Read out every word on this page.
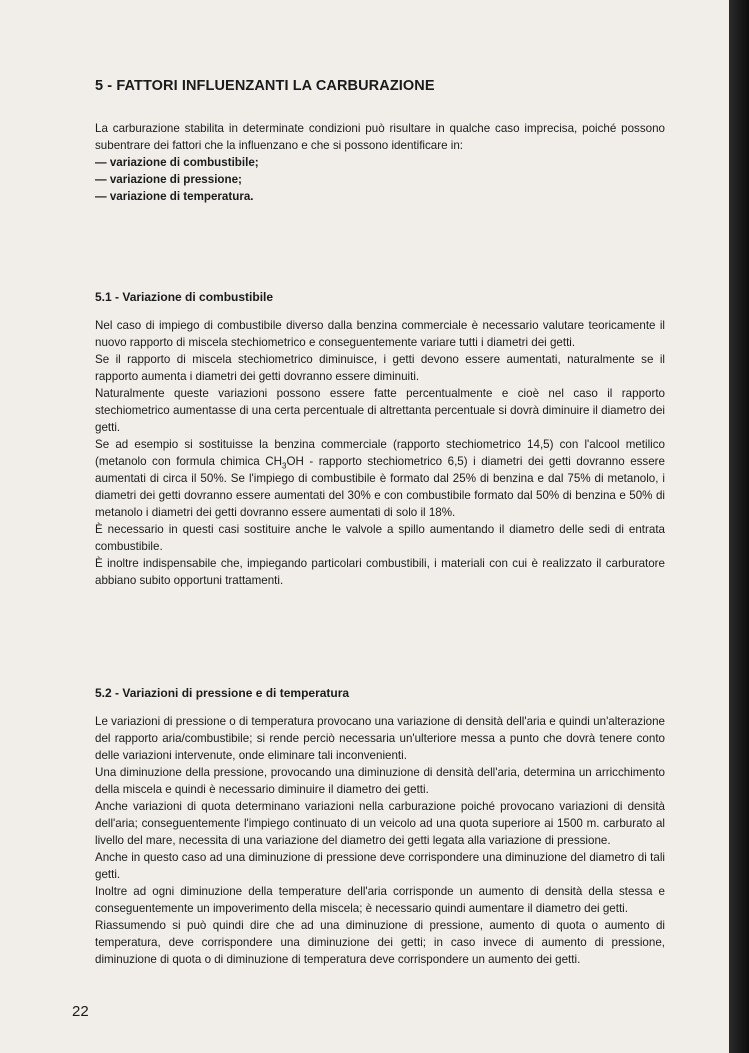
5 - FATTORI INFLUENZANTI LA CARBURAZIONE

La carburazione stabilita in determinate condizioni può risultare in qualche caso imprecisa, poiché possono subentrare dei fattori che la influenzano e che si possono identificare in:

— variazione di combustibile;
— variazione di pressione;
— variazione di temperatura.
5.1 - Variazione di combustibile

Nel caso di impiego di combustibile diverso dalla benzina commerciale è necessario valutare teoricamente il nuovo rapporto di miscela stechiometrico e conseguentemente variare tutti i diametri dei getti.

Se il rapporto di miscela stechiometrico diminuisce, i getti devono essere aumentati, naturalmente se il rapporto aumenta i diametri dei getti dovranno essere diminuiti.

Naturalmente queste variazioni possono essere fatte percentualmente e cioè nel caso il rapporto stechiometrico aumentasse di una certa percentuale di altrettanta percentuale si dovrà diminuire il diametro dei getti.

Se ad esempio si sostituisse la benzina commerciale (rapporto stechiometrico 14,5) con l'alcool metilico (metanolo con formula chimica $CH_3OH$ - rapporto stechiometrico 6,5) i diametri dei getti dovranno essere aumentati di circa il 50%. Se l'impiego di combustibile è formato dal 25% di benzina e dal 75% di metanolo, i diametri dei getti dovranno essere aumentati del 30% e con combustibile formato dal 50% di benzina e 50% di metanolo i diametri dei getti dovranno essere aumentati di solo il 18%.

È necessario in questi casi sostituire anche le valvole a spillo aumentando il diametro delle sedi di entrata combustibile.

È inoltre indispensabile che, impiegando particolari combustibili, i materiali con cui è realizzato il carburatore abbiano subito opportuni trattamenti.

5.2 - Variazioni di pressione e di temperatura

Le variazioni di pressione o di temperatura provocano una variazione di densità dell'aria e quindi un'alterazione del rapporto aria/combustibile; si rende perciò necessaria un'ulteriore messa a punto che dovrà tenere conto delle variazioni intervenute, onde eliminare tali inconvenienti.

Una diminuzione della pressione, provocando una diminuzione di densità dell'aria, determina un arricchimento della miscela e quindi è necessario diminuire il diametro dei getti.

Anche variazioni di quota determinano variazioni nella carburazione poiché provocano variazioni di densità dell'aria; conseguentemente l'impiego continuato di un veicolo ad una quota superiore ai 1500 m. carburato al livello del mare, necessita di una variazione del diametro dei getti legata alla variazione di pressione.

Anche in questo caso ad una diminuzione di pressione deve corrispondere una diminuzione del diametro di tali getti.

Inoltre ad ogni diminuzione della temperature dell'aria corrisponde un aumento di densità della stessa e conseguentemente un impoverimento della miscela; è necessario quindi aumentare il diametro dei getti.

Riassumendo si può quindi dire che ad una diminuzione di pressione, aumento di quota o aumento di temperatura, deve corrispondere una diminuzione dei getti; in caso invece di aumento di pressione, diminuzione di quota o di diminuzione di temperatura deve corrispondere un aumento dei getti.

22
